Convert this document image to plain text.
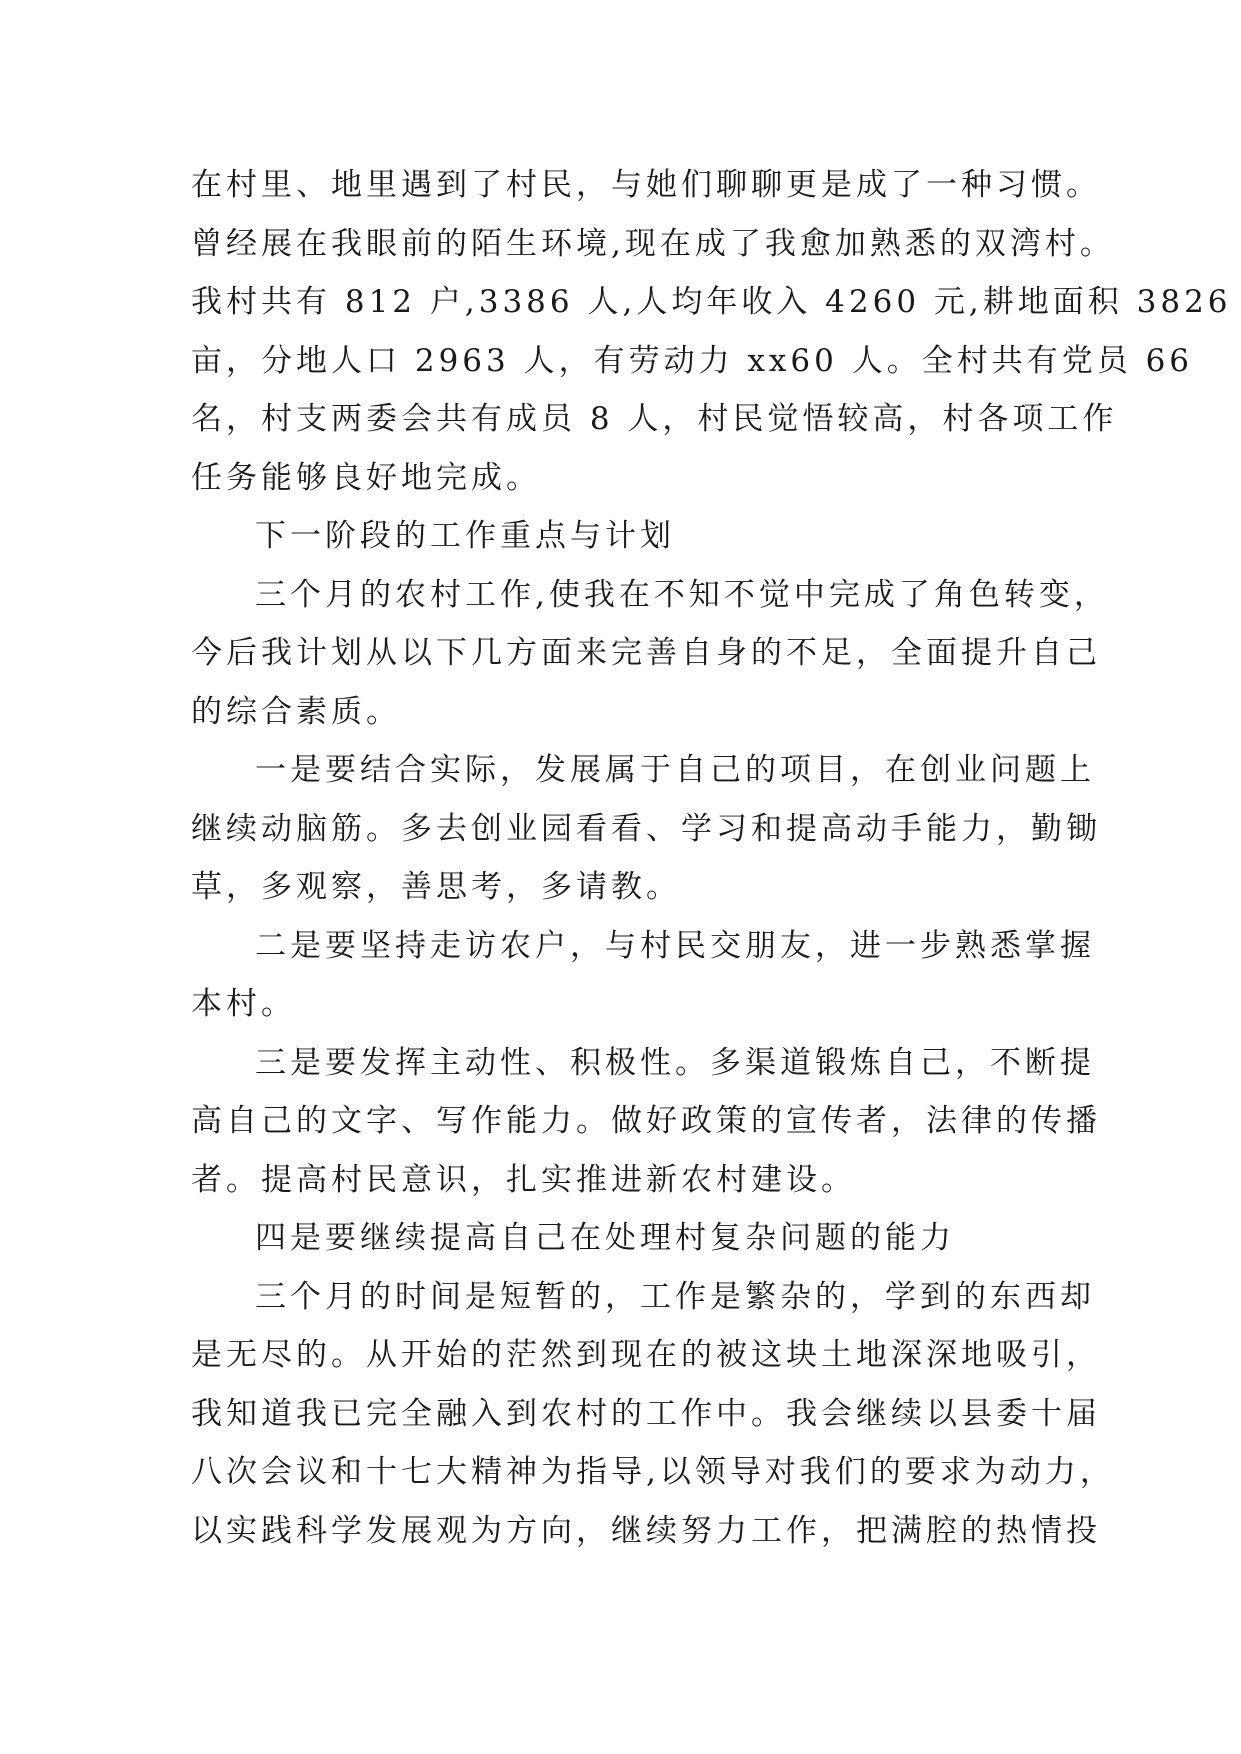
在村里、地里遇到了村民，与她们聊聊更是成了一种习惯。
曾经展在我眼前的陌生环境,现在成了我愈加熟悉的双湾村。
我村共有 812 户,3386 人,人均年收入 4260 元,耕地面积 3826
亩，分地人口 2963 人，有劳动力 xx60 人。全村共有党员 66
名，村支两委会共有成员 8 人，村民觉悟较高，村各项工作
任务能够良好地完成。
下一阶段的工作重点与计划
三个月的农村工作,使我在不知不觉中完成了角色转变，
今后我计划从以下几方面来完善自身的不足，全面提升自己
的综合素质。
一是要结合实际，发展属于自己的项目，在创业问题上
继续动脑筋。多去创业园看看、学习和提高动手能力，勤锄
草，多观察，善思考，多请教。
二是要坚持走访农户，与村民交朋友，进一步熟悉掌握
本村。
三是要发挥主动性、积极性。多渠道锻炼自己，不断提
高自己的文字、写作能力。做好政策的宣传者，法律的传播
者。提高村民意识，扎实推进新农村建设。
四是要继续提高自己在处理村复杂问题的能力
三个月的时间是短暂的，工作是繁杂的，学到的东西却
是无尽的。从开始的茫然到现在的被这块土地深深地吸引，
我知道我已完全融入到农村的工作中。我会继续以县委十届
八次会议和十七大精神为指导,以领导对我们的要求为动力，
以实践科学发展观为方向，继续努力工作，把满腔的热情投
